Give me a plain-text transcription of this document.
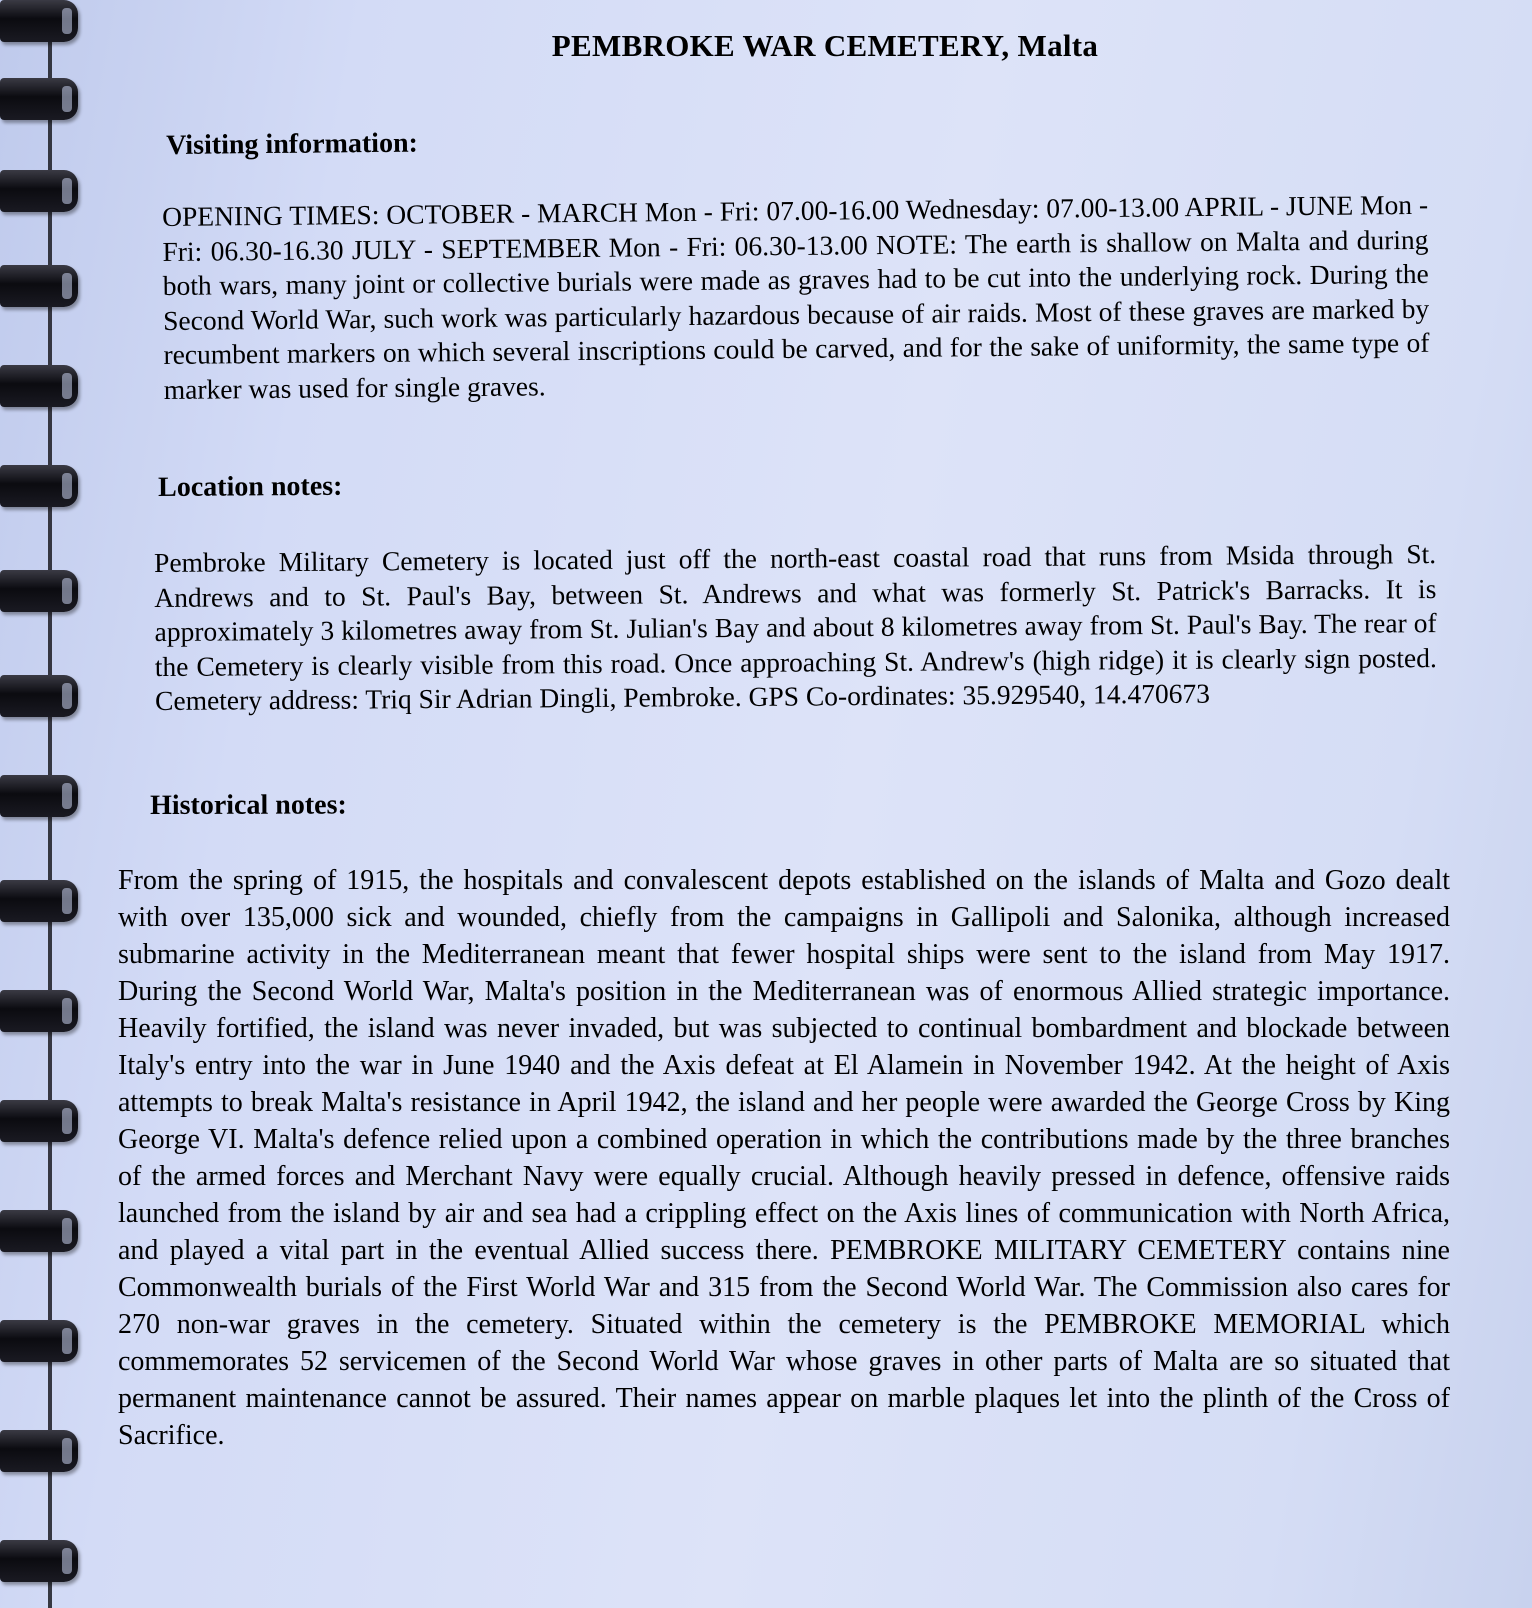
PEMBROKE WAR CEMETERY, Malta
Visiting information:

OPENING TIMES: OCTOBER - MARCH Mon - Fri: 07.00-16.00 Wednesday: 07.00-13.00 APRIL - JUNE Mon - Fri: 06.30-16.30 JULY - SEPTEMBER Mon - Fri: 06.30-13.00 NOTE: The earth is shallow on Malta and during both wars, many joint or collective burials were made as graves had to be cut into the underlying rock. During the Second World War, such work was particularly hazardous because of air raids. Most of these graves are marked by recumbent markers on which several inscriptions could be carved, and for the sake of uniformity, the same type of marker was used for single graves.

Location notes:

Pembroke Military Cemetery is located just off the north-east coastal road that runs from Msida through St. Andrews and to St. Paul's Bay, between St. Andrews and what was formerly St. Patrick's Barracks. It is approximately 3 kilometres away from St. Julian's Bay and about 8 kilometres away from St. Paul's Bay. The rear of the Cemetery is clearly visible from this road. Once approaching St. Andrew's (high ridge) it is clearly sign posted. Cemetery address: Triq Sir Adrian Dingli, Pembroke. GPS Co-ordinates: 35.929540, 14.470673

Historical notes:

From the spring of 1915, the hospitals and convalescent depots established on the islands of Malta and Gozo dealt with over 135,000 sick and wounded, chiefly from the campaigns in Gallipoli and Salonika, although increased submarine activity in the Mediterranean meant that fewer hospital ships were sent to the island from May 1917. During the Second World War, Malta's position in the Mediterranean was of enormous Allied strategic importance. Heavily fortified, the island was never invaded, but was subjected to continual bombardment and blockade between Italy's entry into the war in June 1940 and the Axis defeat at El Alamein in November 1942. At the height of Axis attempts to break Malta's resistance in April 1942, the island and her people were awarded the George Cross by King George VI. Malta's defence relied upon a combined operation in which the contributions made by the three branches of the armed forces and Merchant Navy were equally crucial. Although heavily pressed in defence, offensive raids launched from the island by air and sea had a crippling effect on the Axis lines of communication with North Africa, and played a vital part in the eventual Allied success there. PEMBROKE MILITARY CEMETERY contains nine Commonwealth burials of the First World War and 315 from the Second World War. The Commission also cares for 270 non-war graves in the cemetery. Situated within the cemetery is the PEMBROKE MEMORIAL which commemorates 52 servicemen of the Second World War whose graves in other parts of Malta are so situated that permanent maintenance cannot be assured. Their names appear on marble plaques let into the plinth of the Cross of Sacrifice.
